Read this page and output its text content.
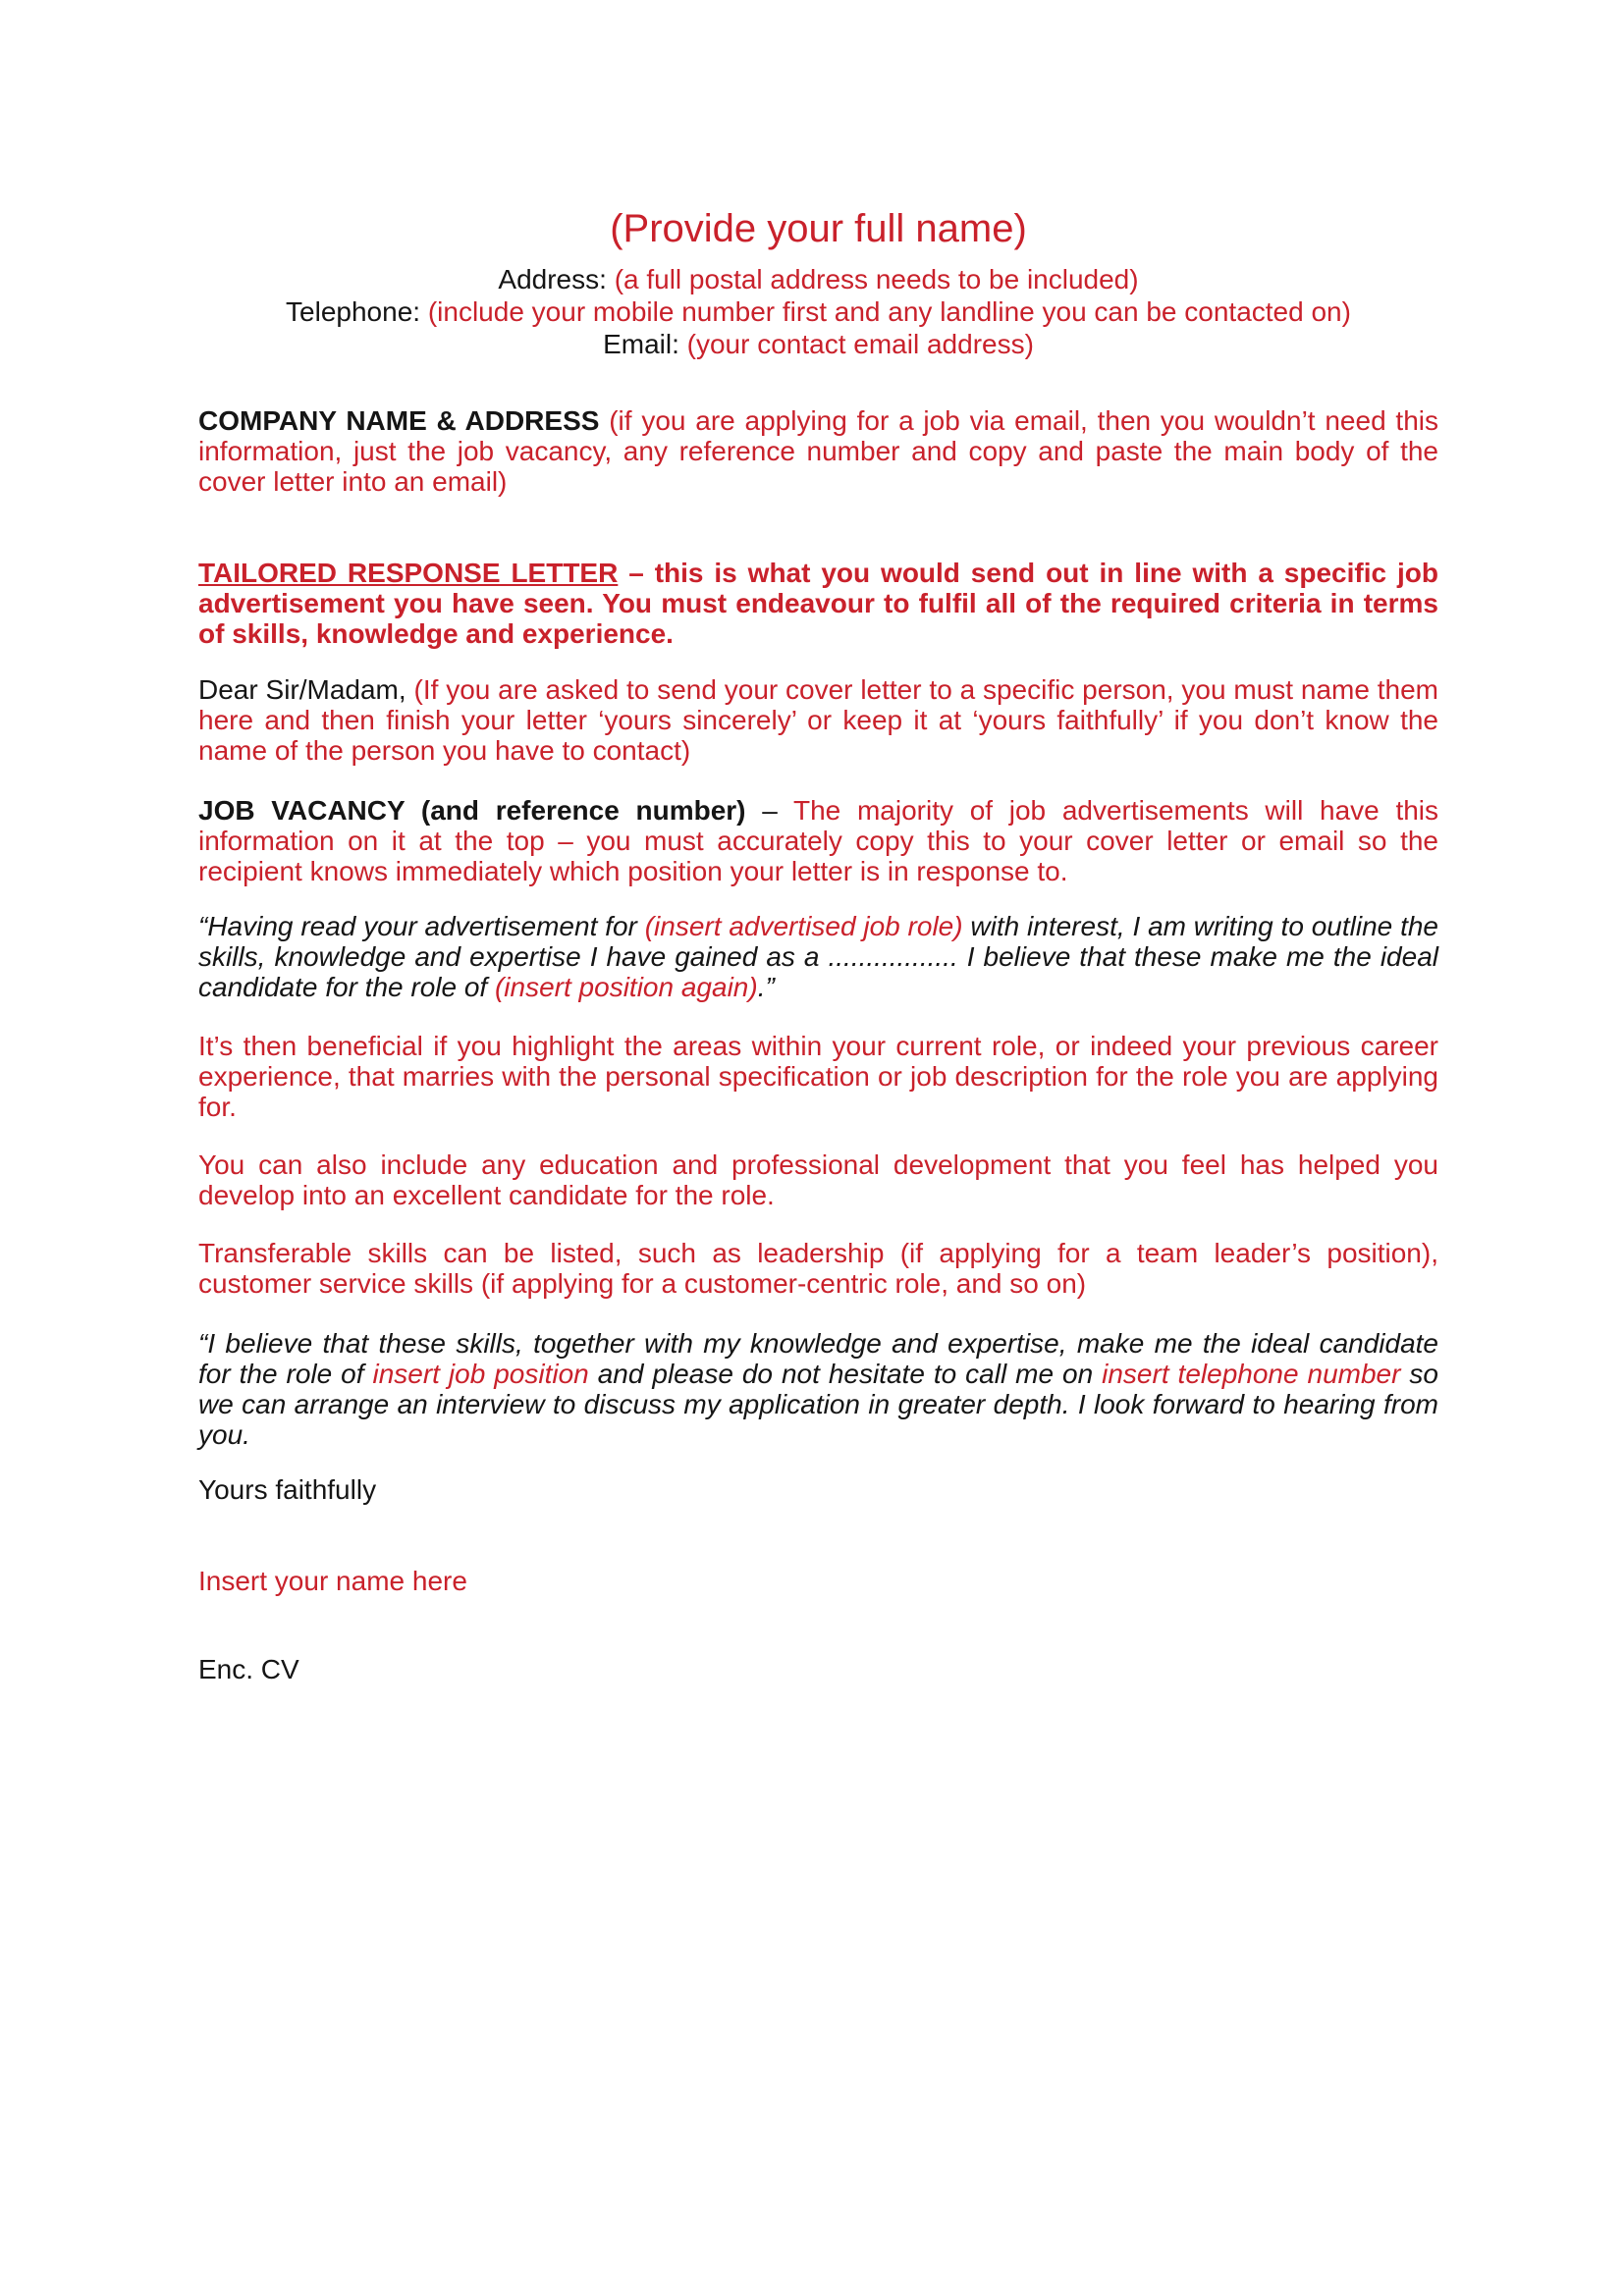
(Provide your full name)
Address: (a full postal address needs to be included)
Telephone: (include your mobile number first and any landline you can be contacted on)
Email: (your contact email address)

COMPANY NAME & ADDRESS (if you are applying for a job via email, then you wouldn’t need this information, just the job vacancy, any reference number and copy and paste the main body of the cover letter into an email)

TAILORED RESPONSE LETTER – this is what you would send out in line with a specific job advertisement you have seen. You must endeavour to fulfil all of the required criteria in terms of skills, knowledge and experience.

Dear Sir/Madam, (If you are asked to send your cover letter to a specific person, you must name them here and then finish your letter ‘yours sincerely’ or keep it at ‘yours faithfully’ if you don’t know the name of the person you have to contact)

JOB VACANCY (and reference number) – The majority of job advertisements will have this information on it at the top – you must accurately copy this to your cover letter or email so the recipient knows immediately which position your letter is in response to.

“Having read your advertisement for (insert advertised job role) with interest, I am writing to outline the skills, knowledge and expertise I have gained as a ................. I believe that these make me the ideal candidate for the role of (insert position again).”

It’s then beneficial if you highlight the areas within your current role, or indeed your previous career experience, that marries with the personal specification or job description for the role you are applying for.

You can also include any education and professional development that you feel has helped you develop into an excellent candidate for the role.

Transferable skills can be listed, such as leadership (if applying for a team leader’s position), customer service skills (if applying for a customer-centric role, and so on)

“I believe that these skills, together with my knowledge and expertise, make me the ideal candidate for the role of insert job position and please do not hesitate to call me on insert telephone number so we can arrange an interview to discuss my application in greater depth. I look forward to hearing from you.

Yours faithfully

Insert your name here

Enc. CV
